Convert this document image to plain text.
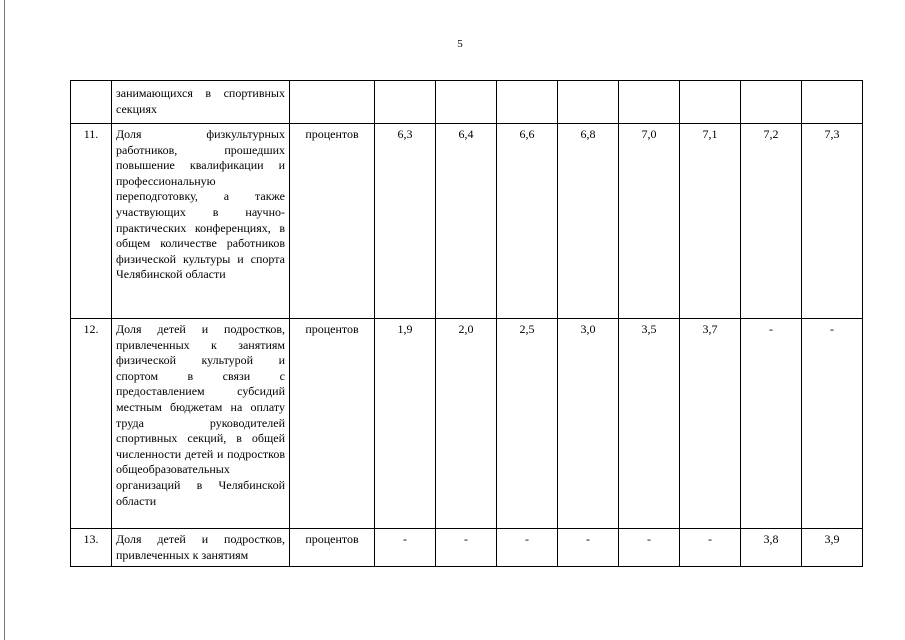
5
	занимающихся в спортивных секциях									
11.	Доля физкультурных работников, прошедших повышение квалификации и профессиональную переподготовку, а также участвующих в научно-практических конференциях, в общем количестве работников физической культуры и спорта Челябинской области	процентов	6,3	6,4	6,6	6,8	7,0	7,1	7,2	7,3
12.	Доля детей и подростков, привлеченных к занятиям физической культурой и спортом в связи с предоставлением субсидий местным бюджетам на оплату труда руководителей спортивных секций, в общей численности детей и подростков общеобразовательных организаций в Челябинской области	процентов	1,9	2,0	2,5	3,0	3,5	3,7	-	-
13.	Доля детей и подростков, привлеченных к занятиям	процентов	-	-	-	-	-	-	3,8	3,9
